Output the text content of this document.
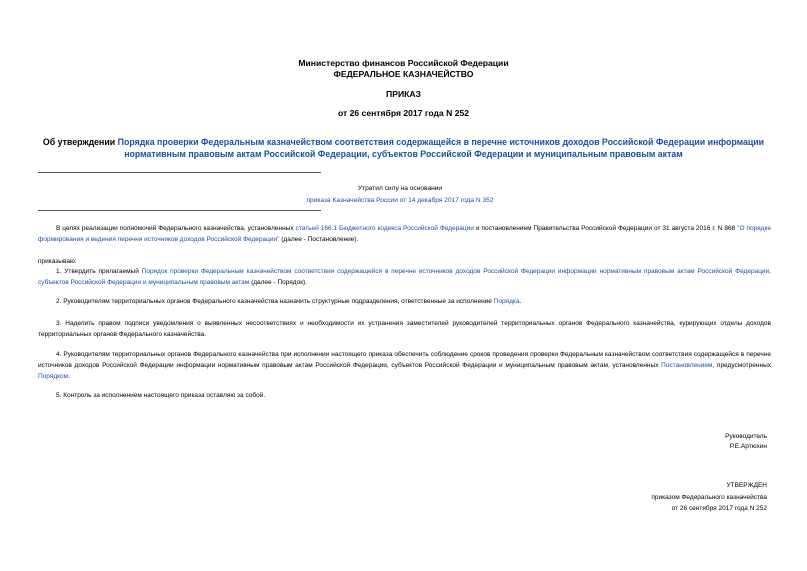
Министерство финансов Российской Федерации
ФЕДЕРАЛЬНОЕ КАЗНАЧЕЙСТВО
ПРИКАЗ
от 26 сентября 2017 года N 252
Об утверждении Порядка проверки Федеральным казначейством соответствия содержащейся в перечне источников доходов Российской Федерации информации нормативным правовым актам Российской Федерации, субъектов Российской Федерации и муниципальным правовым актам
Утратил силу на основании
приказа Казначейства России от 14 декабря 2017 года N 352
В целях реализации полномочий Федерального казначейства, установленных статьей 166.1 Бюджетного кодекса Российской Федерации и постановлением Правительства Российской Федерации от 31 августа 2016 г. N 868 "О порядке формирования и ведения перечня источников доходов Российской Федерации" (далее - Постановление).
приказываю:
1. Утвердить прилагаемый Порядок проверки Федеральным казначейством соответствия содержащейся в перечне источников доходов Российской Федерации информации нормативным правовым актам Российской Федерации, субъектов Российской Федерации и муниципальным правовым актам (далее - Порядок).
2. Руководителям территориальных органов Федерального казначейства назначить структурные подразделения, ответственные за исполнение Порядка.
3. Наделить правом подписи уведомления о выявленных несоответствиях и необходимости их устранения заместителей руководителей территориальных органов Федерального казначейства, курирующих отделы доходов территориальных органов Федерального казначейства.
4. Руководителям территориальных органов Федерального казначейства при исполнении настоящего приказа обеспечить соблюдение сроков проведения проверки Федеральным казначейством соответствия содержащейся в перечне источников доходов Российской Федерации информации нормативным правовым актам Российской Федерации, субъектов Российской Федерации и муниципальным правовым актам, установленных Постановлением, предусмотренных Порядком.
5. Контроль за исполнением настоящего приказа оставляю за собой.
Руководитель
Р.Е.Артюхин
УТВЕРЖДЕН
приказом Федерального казначейства
от 26 сентября 2017 года N 252
